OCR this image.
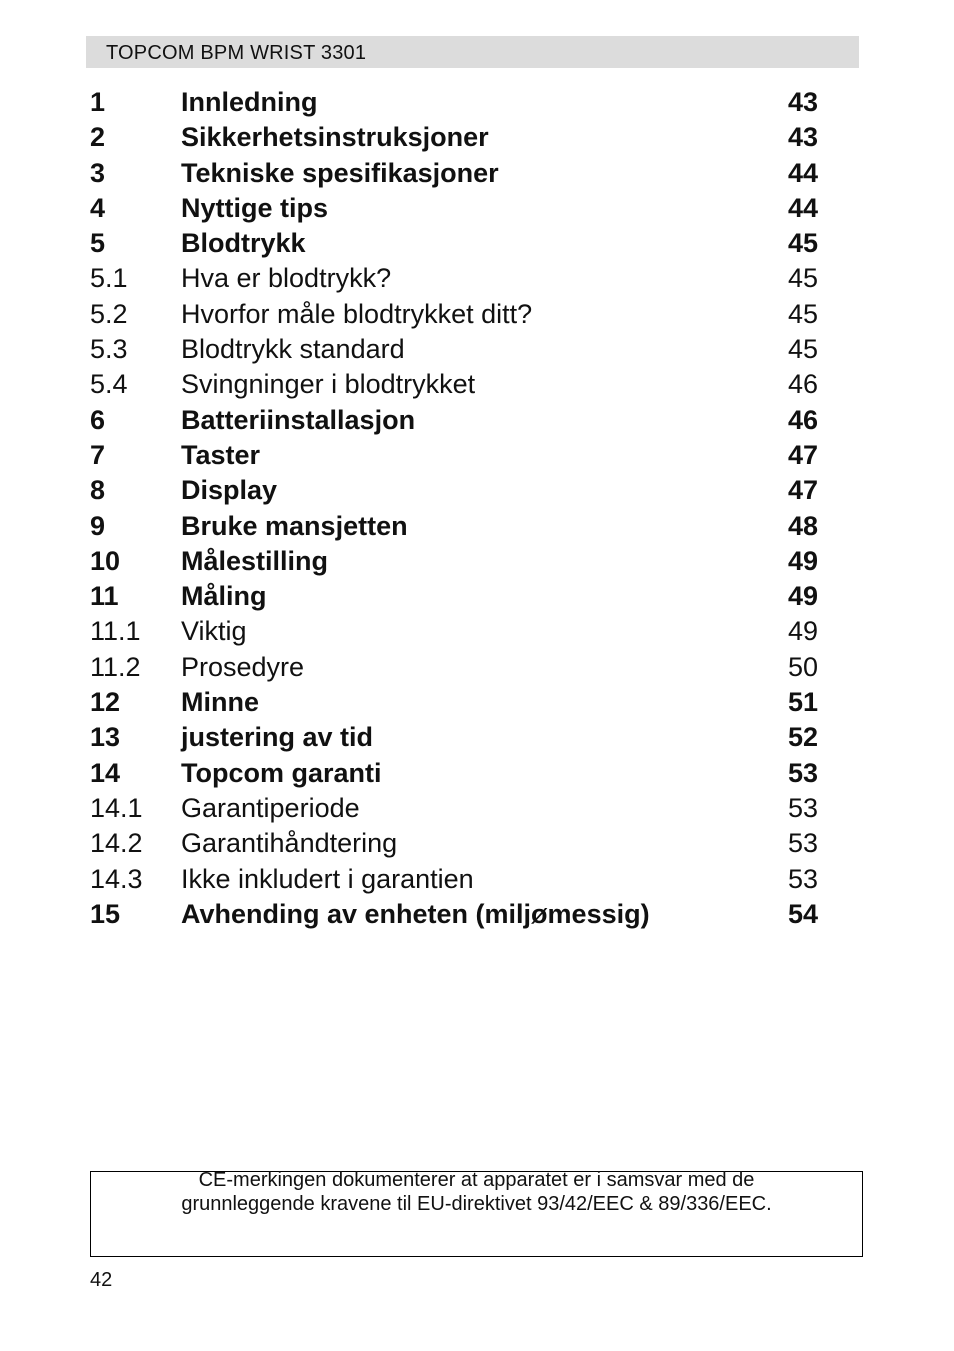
TOPCOM BPM WRIST 3301
1	Innledning	43
2	Sikkerhetsinstruksjoner	43
3	Tekniske spesifikasjoner	44
4	Nyttige tips	44
5	Blodtrykk	45
5.1 Hva er blodtrykk?	45
5.2 Hvorfor måle blodtrykket ditt?	45
5.3 Blodtrykk standard	45
5.4 Svingninger i blodtrykket	46
6	Batteriinstallasjon	46
7	Taster	47
8	Display	47
9	Bruke mansjetten	48
10 Målestilling	49
11 Måling	49
11.1 Viktig	49
11.2 Prosedyre	50
12 Minne	51
13 justering av tid	52
14 Topcom garanti	53
14.1 Garantiperiode	53
14.2 Garantihåndtering	53
14.3 Ikke inkludert i garantien	53
15 Avhending av enheten (miljømessig)	54
CE-merkingen dokumenterer at apparatet er i samsvar med de
grunnleggende kravene til EU-direktivet 93/42/EEC & 89/336/EEC.
42
